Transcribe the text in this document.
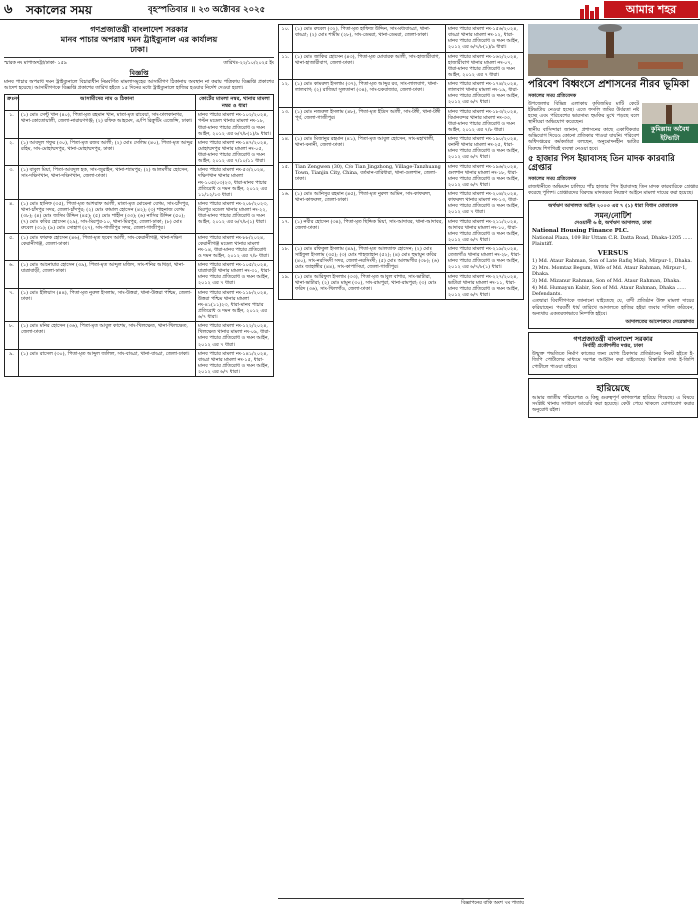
৬ সকালের সময়	বৃহস্পতিবার ॥ ২৩ অক্টোবর ২০২৫	আমার শহর
গণপ্রজাতন্ত্রী বাংলাদেশ সরকার
মানব পাচার অপরাধ দমন ট্রাইব্যুনাল এর কার্যালয়
ঢাকা।
স্মারক নং মাপাঅদট্রা/ঢাকা- ১৫৯	তারিখঃ-২২/১০/২০২৫ ইং
বিজ্ঞপ্তি

মানব পাচার অপরাধ দমন ট্রাইব্যুনালে বিচারাধীন নিম্নবর্ণিত মামলাসমূহের আসামীগণ ঠিকানায় অবস্থান না করায় পত্রিকায় বিজ্ঞপ্তি প্রকাশের আদেশ হয়েছে। আসামীগণকে বিজ্ঞপ্তি প্রকাশের তারিখ হইতে ১৫ দিনের মধ্যে ট্রাইব্যুনালে হাজির হওয়ার নির্দেশ দেওয়া হলো।

ক্রঃনং	আসামীদের নাম ও ঠিকানা	কোর্টের মামলা নম্বর, থানার মামলা নম্বর ও ধারা
১.	(১) মোঃ সেন্টু খান (৪০), পিতা-মৃত রহমান খান, মাতা-মৃত রাবেয়া, সাং-ঢালকানগর, থানা-কোতোয়ালী, জেলা-নারায়ণগঞ্জ; (২) রফিক আহমেদ, এ/পি রিক্রুটিং এজেন্সি, ঢাকা।	মানব পাচার মামলা নং-১০২/২০২৪, পল্টন মডেল থানার মামলা নং-১৮, ধারা-মানব পাচার প্রতিরোধ ও দমন আইন, ২০১২ এর ৬/৭/৮(১)/৯ ধারা।
২.	(১) আবদুল গফুর (৩০), পিতা-মৃত রজব আলী; (২) মোঃ সেলিম (৪০), পিতা-মৃত আব্দুর রহিম, সাং-মোহাম্মদপুর, থানা-মোহাম্মদপুর, ঢাকা।	মানব পাচার মামলা নং-১৪৭/২০২৪, মোহাম্মদপুর থানার মামলা নং-০৫, ধারা-মানব পাচার প্রতিরোধ ও দমন আইন, ২০১২ এর ৭/১০/১১ ধারা।
৩.	(১) বাবুল মিয়া, পিতা-আবদুল হক, সাং-জুরাইন, থানা-শ্যামপুর; (২) আলমগীর হোসেন, সাং-দক্ষিণখান, থানা-দক্ষিণখান, জেলা-ঢাকা।	মানব পাচার মামলা নং-৫৩/২০২৪, দক্ষিণখান থানার মামলা নং-১০৫(০৩)২৩, ধারা-মানব পাচার প্রতিরোধ ও দমন আইন, ২০১২ এর ১১/১২/১৩ ধারা।
৪.	(১) মোঃ হানিফ (৩৫), পিতা-মৃত আশরাফ আলী, মাতা-মৃত মোমেনা বেগম, সাং-চাঁদপুর, থানা-চাঁদপুর সদর, জেলা-চাঁদপুর; (২) মোঃ কামাল হোসেন (৪২); (৩) শাহনাজ বেগম (৩৮); (৪) মোঃ জসিম উদ্দিন (৪৫); (৫) মোঃ শাহীন (৩৩); (৬) নাসির উদ্দিন (৫০); (৭) মোঃ কবির হোসেন (২৯), সাং-মিরপুর-১০, থানা-মিরপুর, জেলা-ঢাকা; (৮) মোঃ রুবেল (৩১); (৯) মোঃ সোহাগ (২৭), সাং-গাজীপুর সদর, জেলা-গাজীপুর।	মানব পাচার মামলা নং-২০৮/২০২৩, মিরপুর মডেল থানার মামলা নং-২২, ধারা-মানব পাচার প্রতিরোধ ও দমন আইন, ২০১২ এর ৬/৭/৮(১) ধারা।
৫.	(১) মোঃ ফারুক হোসেন (৪৬), পিতা-মৃত ছবেদ আলী, সাং-কেরানীগঞ্জ, থানা-দক্ষিণ কেরানীগঞ্জ, জেলা-ঢাকা।	মানব পাচার মামলা নং-৮৮/২০২৪, কেরানীগঞ্জ মডেল থানার মামলা নং-১৪, ধারা-মানব পাচার প্রতিরোধ ও দমন আইন, ২০১২ এর ৭/৮ ধারা।
৬.	(১) মোঃ আনোয়ার হোসেন (৩৯), পিতা-মৃত আব্দুল মজিদ, সাং-শনির আখড়া, থানা-যাত্রাবাড়ী, জেলা-ঢাকা।	মানব পাচার মামলা নং-১০৫/২০২৪, যাত্রাবাড়ী থানার মামলা নং-৩১, ধারা-মানব পাচার প্রতিরোধ ও দমন আইন, ২০১২ এর ৭ ধারা।
৭.	(১) মোঃ ইলিয়াস (৪৪), পিতা-মৃত নুরুল ইসলাম, সাং-উত্তরা, থানা-উত্তরা পশ্চিম, জেলা-ঢাকা।	মানব পাচার মামলা নং-১১৮/২০২৪, উত্তরা পশ্চিম থানার মামলা নং-৪১(১১)২৩, ধারা-মানব পাচার প্রতিরোধ ও দমন আইন, ২০১২ এর ৬/৭ ধারা।
৮.	(১) মোঃ মনির হোসেন (৩৬), পিতা-মৃত আবুল কাশেম, সাং-খিলক্ষেত, থানা-খিলক্ষেত, জেলা-ঢাকা।	মানব পাচার মামলা নং-১২২/২০২৪, খিলক্ষেত থানার মামলা নং-০৯, ধারা-মানব পাচার প্রতিরোধ ও দমন আইন, ২০১২ এর ৭ ধারা।
৯.	(১) মোঃ রাসেল (৩০), পিতা-মৃত আব্দুল জলিল, সাং-বাড্ডা, থানা-বাড্ডা, জেলা-ঢাকা।	মানব পাচার মামলা নং-১৪১/২০২৪, বাড্ডা থানার মামলা নং-১৫, ধারা-মানব পাচার প্রতিরোধ ও দমন আইন, ২০১২ এর ৬/৭ ধারা।
১০.	(১) মোঃ রুবেল (৩২), পিতা-মৃত হাফিজ উদ্দিন, সাং-মধ্যবাড্ডা, থানা-বাড্ডা; (২) মোঃ শামীম (২৮), সাং-ডেমরা, থানা-ডেমরা, জেলা-ঢাকা।	মানব পাচার মামলা নং-১৫৬/২০২৪, বাড্ডা থানার মামলা নং-১২, ধারা-মানব পাচার প্রতিরোধ ও দমন আইন, ২০১২ এর ৬/৭/৮(১)/৯ ধারা।
১১.	(১) মোঃ জাকির হোসেন (৪৩), পিতা-মৃত মোবারক আলী, সাং-হাজারীবাগ, থানা-হাজারীবাগ, জেলা-ঢাকা।	মানব পাচার মামলা নং-১৬২/২০২৪, হাজারীবাগ থানার মামলা নং-০৭, ধারা-মানব পাচার প্রতিরোধ ও দমন আইন, ২০১২ এর ৭ ধারা।
১২.	(১) মোঃ কামরুল ইসলাম (৩৭), পিতা-মৃত আব্দুর রব, সাং-লালবাগ, থানা-লালবাগ; (২) রাজিয়া সুলতানা (৩৪), সাং-চকবাজার, জেলা-ঢাকা।	মানব পাচার মামলা নং-১৭৪/২০২৪, লালবাগ থানার মামলা নং-১৯, ধারা-মানব পাচার প্রতিরোধ ও দমন আইন, ২০১২ এর ৬/৭ ধারা।
১৩.	(১) মোঃ নজরুল ইসলাম (৪৮), পিতা-মৃত ইদ্রিস আলী, সাং-টঙ্গী, থানা-টঙ্গী পূর্ব, জেলা-গাজীপুর।	মানব পাচার মামলা নং-১৮৩/২০২৪, বিমানবন্দর থানার মামলা নং-৩৩, ধারা-মানব পাচার প্রতিরোধ ও দমন আইন, ২০১২ এর ৭/৮ ধারা।
১৪.	(১) মোঃ মিজানুর রহমান (৪১), পিতা-মৃত আবুল হোসেন, সাং-মহাখালী, থানা-বনানী, জেলা-ঢাকা।	মানব পাচার মামলা নং-১৯০/২০২৪, বনানী থানার মামলা নং-২৫, ধারা-মানব পাচার প্রতিরোধ ও দমন আইন, ২০১২ এর ৬/৭ ধারা।
১৫.	Tian Zengwen (30), C/o Tian Jingzhong, Village-Tanzhuang Town, Tianjin City, China, বর্তমান-বারিধারা, থানা-গুলশান, জেলা-ঢাকা।	মানব পাচার মামলা নং-১৯৬/২০২৪, গুলশান থানার মামলা নং-১৮, ধারা-মানব পাচার প্রতিরোধ ও দমন আইন, ২০১২ এর ৬/৭ ধারা।
১৬.	(১) মোঃ আনিসুর রহমান (৪৫), পিতা-মৃত নুরুল আমিন, সাং-কাফরুল, থানা-কাফরুল, জেলা-ঢাকা।	মানব পাচার মামলা নং-২০৪/২০২৪, কাফরুল থানার মামলা নং-১৩, ধারা-মানব পাচার প্রতিরোধ ও দমন আইন, ২০১২ এর ৭ ধারা।
১৭.	(১) নবীর হোসেন (৩৪), পিতা-মৃত ছিদ্দিক মিয়া, সাং-আদাবর, থানা-আদাবর, জেলা-ঢাকা।	মানব পাচার মামলা নং-২১১/২০২৪, আদাবর থানার মামলা নং-১০, ধারা-মানব পাচার প্রতিরোধ ও দমন আইন, ২০১২ এর ৬/৭ ধারা।
১৮.	(১) মোঃ রফিকুল ইসলাম (৪৯), পিতা-মৃত আলতাফ হোসেন; (২) মোঃ সাইফুল ইসলাম (৩৫); (৩) মোঃ শাহজাহান (৫২); (৪) মোঃ হুমায়ুন কবির (৪০), সাং-নরসিংদী সদর, জেলা-নরসিংদী; (৫) মোঃ আলমগীর (৩৮); (৬) মোঃ জাহাঙ্গীর (৪৪), সাং-কাপাসিয়া, জেলা-গাজীপুর।	মানব পাচার মামলা নং-২১৯/২০২৪, তেজগাঁও থানার মামলা নং-২৮, ধারা-মানব পাচার প্রতিরোধ ও দমন আইন, ২০১২ এর ৬/৭/৮(১) ধারা।
১৯.	(১) মোঃ আরিফুল ইসলাম (৩৩), পিতা-মৃত আবুল বাশার, সাং-ভাটারা, থানা-ভাটারা; (২) মোঃ মামুন (৩০), সাং-রামপুরা, থানা-রামপুরা; (৩) মোঃ ফরিদ (৩৬), সাং-খিলগাঁও, জেলা-ঢাকা।	মানব পাচার মামলা নং-২২৭/২০২৪, ভাটারা থানার মামলা নং-১১, ধারা-মানব পাচার প্রতিরোধ ও দমন আইন, ২০১২ এর ৬/৭ ধারা।
বিজ্ঞাপনের বাকি অংশ ৭ম পাতায়
পরিবেশ বিধ্বংসে প্রশাসনের নীরব ভূমিকা

সকালের সময় প্রতিবেদক

কুমিল্লায় অবৈধ ইটভাটা

উপজেলার বিভিন্ন এলাকায় কৃষিজমির মাটি কেটে ইটভাটায় নেওয়া হচ্ছে। এতে ফসলি জমির উর্বরতা নষ্ট হচ্ছে এবং পরিবেশের ভারসাম্য হুমকির মুখে পড়ছে বলে স্থানীয়রা অভিযোগ করেছেন।

স্থানীয় বাসিন্দারা জানান, প্রশাসনের কাছে একাধিকবার অভিযোগ দিয়েও কোনো প্রতিকার পাওয়া যায়নি। পরিবেশ অধিদপ্তরের কর্মকর্তারা বলছেন, অনুমোদনহীন ভাটার বিরুদ্ধে শিগগিরই ব্যবস্থা নেওয়া হবে।

৫ হাজার পিস ইয়াবাসহ তিন মাদক কারবারি গ্রেপ্তার

সকালের সময় প্রতিবেদক

রাজধানীতে অভিযান চালিয়ে পাঁচ হাজার পিস ইয়াবাসহ তিন মাদক কারবারিকে গ্রেপ্তার করেছে পুলিশ। গ্রেপ্তারদের বিরুদ্ধে মাদকদ্রব্য নিয়ন্ত্রণ আইনে মামলা দায়ের করা হয়েছে।

অর্থঋণ আদালত আইন ২০০৩ এর ৭ (১) ধারা বিধান মোতাবেক
সমন/নোটিশ
দেওয়ানী ৬ ষ্ঠ, অর্থঋণ আদালত, ঢাকা
National Housing Finance PLC.

National Plaza, 109 Bir Uttam C.R. Datta Road, Dhaka-1205 ...... Plaintiff.

VERSUS

1) Md. Ataur Rahman, Son of Late Rafiq Miah, Mirpur-1, Dhaka.

2) Mrs. Momtaz Begum, Wife of Md. Ataur Rahman, Mirpur-1, Dhaka.

3) Md. Mizanur Rahman, Son of Md. Ataur Rahman, Dhaka.

4) Md. Humayun Kabir, Son of Md. Ataur Rahman, Dhaka ...... Defendants.

এতদ্বারা বিবাদীগণকে জানানো যাইতেছে যে, বাদী প্রতিষ্ঠান উক্ত মামলা দায়ের করিয়াছেন। পরবর্তী ধার্য তারিখে আদালতে হাজির হইয়া জবাব দাখিল করিবেন, অন্যথায় একতরফাভাবে নিষ্পত্তি হইবে।

আদালতের আদেশক্রমে সেরেস্তাদার

গণপ্রজাতন্ত্রী বাংলাদেশ সরকার
নির্বাহী প্রকৌশলীর দপ্তর, ঢাকা

উন্মুক্ত পদ্ধতিতে নির্মাণ কাজের জন্য যোগ্য ঠিকাদার প্রতিষ্ঠানের নিকট হইতে ই-জিপি পোর্টালের মাধ্যমে দরপত্র আহ্বান করা যাইতেছে। বিস্তারিত তথ্য ই-জিপি পোর্টালে পাওয়া যাইবে।

হারিয়েছে

আমার জাতীয় পরিচয়পত্র ও কিছু গুরুত্বপূর্ণ কাগজপত্র হারিয়ে গিয়েছে। এ বিষয়ে সংশ্লিষ্ট থানায় সাধারণ ডায়েরি করা হয়েছে। কেউ পেয়ে থাকলে যোগাযোগ করার অনুরোধ রইল।
